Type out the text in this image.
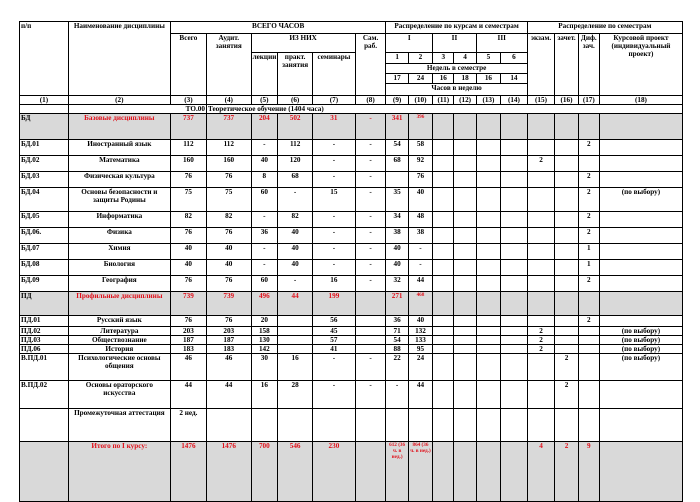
п/п	Наименование дисциплины	ВСЕГО ЧАСОВ						Распределение по курсам и семестрам						Распределение по семестрам			
		Всего	Аудит. занятия	ИЗ НИХ			Сам. раб.	I		II		III		экзам.	зачет.	Диф. зач.	Курсовой проект (индивидуальный проект)
				лекции	практ. занятия	семинары		1	2	3	4	5	6				
								Недель в семестре									
								17	24	16	18	16	14				
								Часов в неделю									
(1)	(2)	(3)	(4)	(5)	(6)	(7)	(8)	(9)	(10)	(11)	(12)	(13)	(14)	(15)	(16)	(17)	(18)
	ТО.00		Теоретическое обучение (1404 часа)														
БД	Базовые дисциплины	737	737	204	502	31	-	341	396								
БД.01	Иностранный язык	112	112	-	112	-	-	54	58							2	
БД.02	Математика	160	160	40	120	-	-	68	92					2			
БД.03	Физическая культура	76	76	8	68	-	-		76							2	
БД.04	Основы безопасности и защиты Родины	75	75	60	-	15	-	35	40							2	(по выбору)
БД.05	Информатика	82	82	-	82	-	-	34	48							2	
БД.06.	Физика	76	76	36	40	-	-	38	38							2	
БД.07	Химия	40	40	-	40	-	-	40	-							1	
БД.08	Биология	40	40	-	40	-	-	40	-							1	
БД.09	География	76	76	60	-	16	-	32	44							2	
ПД	Профильные дисциплины	739	739	496	44	199		271	468								
ПД.01	Русский язык	76	76	20		56		36	40							2	
ПД.02	Литература	203	203	158		45		71	132					2			(по выбору)
ПД.03	Обществознание	187	187	130		57		54	133					2			(по выбору)
ПД.06	История	183	183	142		41		88	95					2			(по выбору)
В.ПД.01	Психологические основы общения	46	46	30	16	-	-	22	24						2		(по выбору)
В.ПД.02	Основы ораторского искусства	44	44	16	28	-	-	-	44						2		
	Промежуточная аттестация	2 нед.															
	Итого по I курсу:	1476	1476	700	546	230		612 (36 ч. в нед.)	864 (36 ч. в нед.)					4	2	9	
